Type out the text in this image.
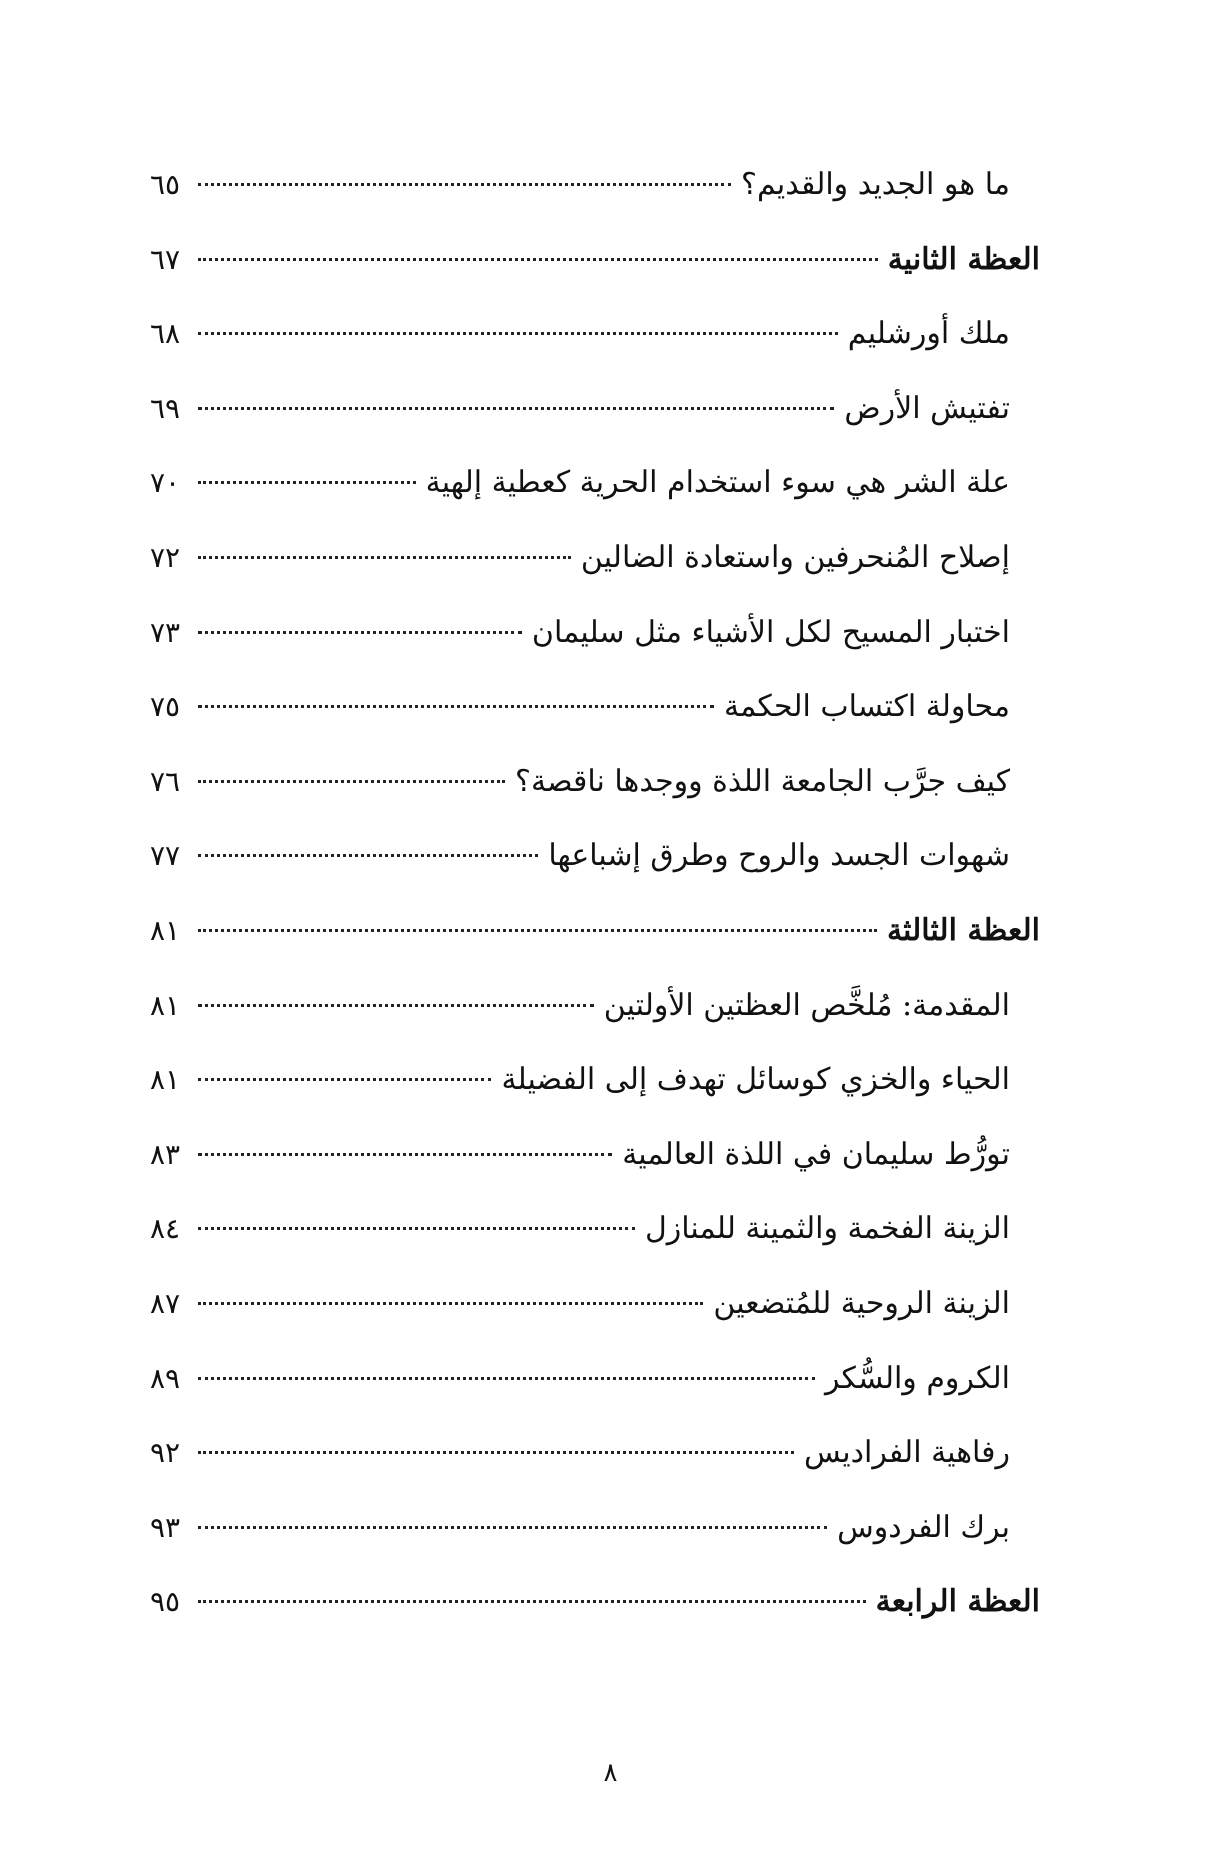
ما هو الجديد والقديم؟
٦٥
العظة الثانية
٦٧
ملك أورشليم
٦٨
تفتيش الأرض
٦٩
علة الشر هي سوء استخدام الحرية كعطية إلهية
٧٠
إصلاح المُنحرفين واستعادة الضالين
٧٢
اختبار المسيح لكل الأشياء مثل سليمان
٧٣
محاولة اكتساب الحكمة
٧٥
كيف جرَّب الجامعة اللذة ووجدها ناقصة؟
٧٦
شهوات الجسد والروح وطرق إشباعها
٧٧
العظة الثالثة
٨١
المقدمة: مُلخَّص العظتين الأولتين
٨١
الحياء والخزي كوسائل تهدف إلى الفضيلة
٨١
تورُّط سليمان في اللذة العالمية
٨٣
الزينة الفخمة والثمينة للمنازل
٨٤
الزينة الروحية للمُتضعين
٨٧
الكروم والسُّكر
٨٩
رفاهية الفراديس
٩٢
برك الفردوس
٩٣
العظة الرابعة
٩٥
٨
